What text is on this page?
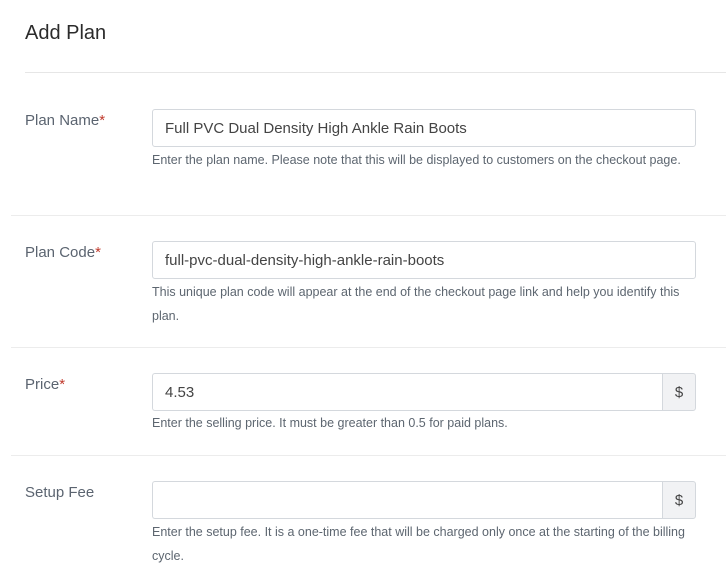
Add Plan
Plan Name*
Full PVC Dual Density High Ankle Rain Boots
Enter the plan name. Please note that this will be displayed to customers on the checkout page.
Plan Code*
full-pvc-dual-density-high-ankle-rain-boots
This unique plan code will appear at the end of the checkout page link and help you identify this plan.
Price*
4.53	$
Enter the selling price. It must be greater than 0.5 for paid plans.
Setup Fee	$
Enter the setup fee. It is a one-time fee that will be charged only once at the starting of the billing cycle.
